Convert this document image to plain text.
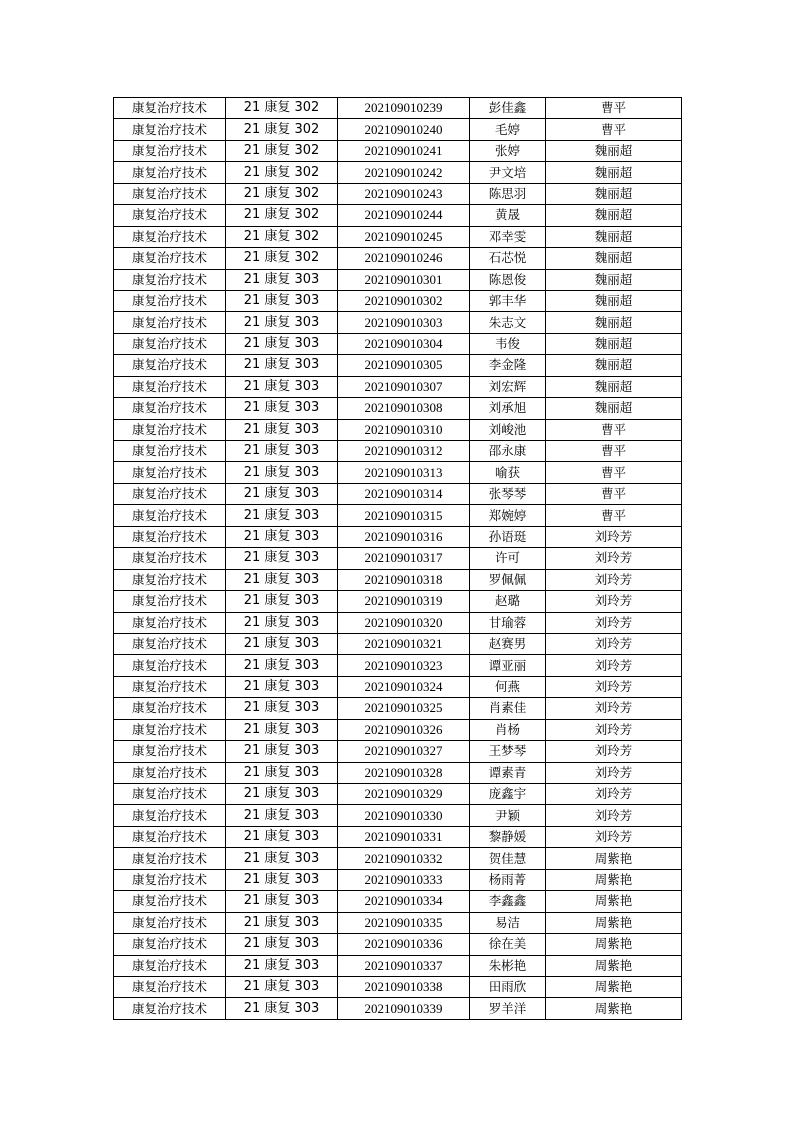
康复治疗技术	21 康复 302	202109010239	彭佳鑫	曹平
康复治疗技术	21 康复 302	202109010240	毛婷	曹平
康复治疗技术	21 康复 302	202109010241	张婷	魏丽超
康复治疗技术	21 康复 302	202109010242	尹文培	魏丽超
康复治疗技术	21 康复 302	202109010243	陈思羽	魏丽超
康复治疗技术	21 康复 302	202109010244	黄晟	魏丽超
康复治疗技术	21 康复 302	202109010245	邓幸雯	魏丽超
康复治疗技术	21 康复 302	202109010246	石芯悦	魏丽超
康复治疗技术	21 康复 303	202109010301	陈恩俊	魏丽超
康复治疗技术	21 康复 303	202109010302	郭丰华	魏丽超
康复治疗技术	21 康复 303	202109010303	朱志文	魏丽超
康复治疗技术	21 康复 303	202109010304	韦俊	魏丽超
康复治疗技术	21 康复 303	202109010305	李金隆	魏丽超
康复治疗技术	21 康复 303	202109010307	刘宏辉	魏丽超
康复治疗技术	21 康复 303	202109010308	刘承旭	魏丽超
康复治疗技术	21 康复 303	202109010310	刘峻池	曹平
康复治疗技术	21 康复 303	202109010312	邵永康	曹平
康复治疗技术	21 康复 303	202109010313	喻获	曹平
康复治疗技术	21 康复 303	202109010314	张琴琴	曹平
康复治疗技术	21 康复 303	202109010315	郑婉婷	曹平
康复治疗技术	21 康复 303	202109010316	孙语珽	刘玲芳
康复治疗技术	21 康复 303	202109010317	许可	刘玲芳
康复治疗技术	21 康复 303	202109010318	罗佩佩	刘玲芳
康复治疗技术	21 康复 303	202109010319	赵璐	刘玲芳
康复治疗技术	21 康复 303	202109010320	甘瑜蓉	刘玲芳
康复治疗技术	21 康复 303	202109010321	赵赛男	刘玲芳
康复治疗技术	21 康复 303	202109010323	谭亚丽	刘玲芳
康复治疗技术	21 康复 303	202109010324	何燕	刘玲芳
康复治疗技术	21 康复 303	202109010325	肖素佳	刘玲芳
康复治疗技术	21 康复 303	202109010326	肖杨	刘玲芳
康复治疗技术	21 康复 303	202109010327	王梦琴	刘玲芳
康复治疗技术	21 康复 303	202109010328	谭素青	刘玲芳
康复治疗技术	21 康复 303	202109010329	庞鑫宇	刘玲芳
康复治疗技术	21 康复 303	202109010330	尹颖	刘玲芳
康复治疗技术	21 康复 303	202109010331	黎静媛	刘玲芳
康复治疗技术	21 康复 303	202109010332	贺佳慧	周紫艳
康复治疗技术	21 康复 303	202109010333	杨雨菁	周紫艳
康复治疗技术	21 康复 303	202109010334	李鑫鑫	周紫艳
康复治疗技术	21 康复 303	202109010335	易洁	周紫艳
康复治疗技术	21 康复 303	202109010336	徐在美	周紫艳
康复治疗技术	21 康复 303	202109010337	朱彬艳	周紫艳
康复治疗技术	21 康复 303	202109010338	田雨欣	周紫艳
康复治疗技术	21 康复 303	202109010339	罗羊洋	周紫艳
